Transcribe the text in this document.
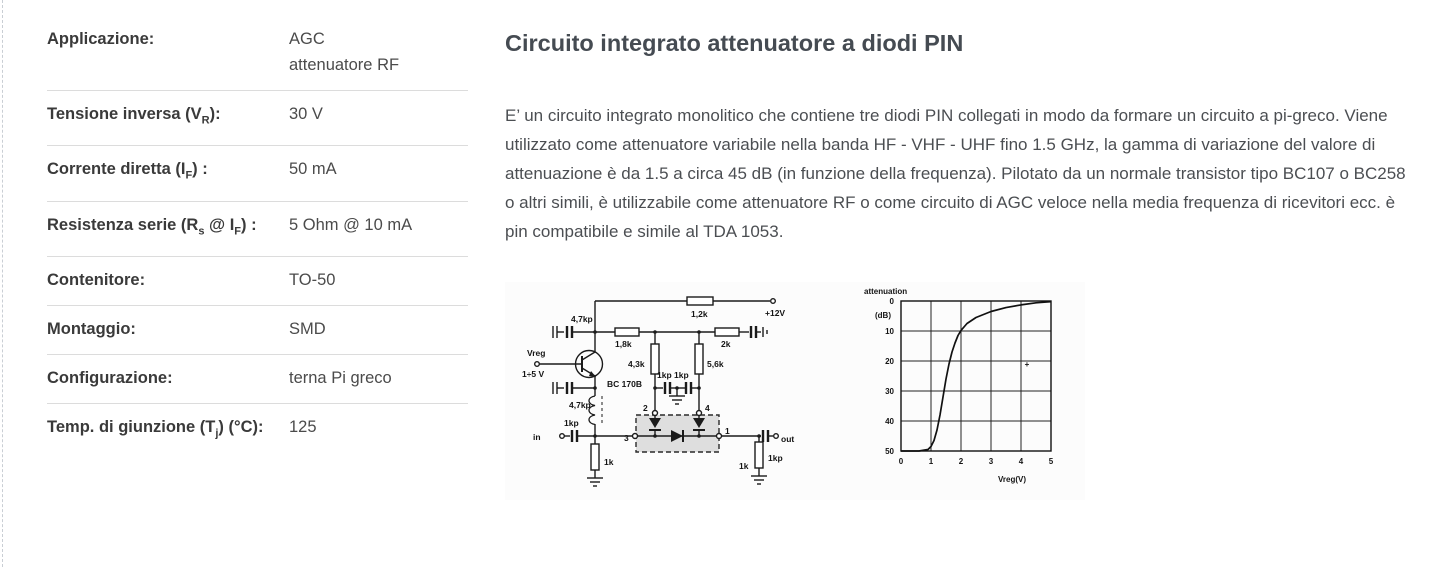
Applicazione:	AGC
attenuatore RF
Tensione inversa $(V_R)$:	30 V
Corrente diretta $(I_F)$ :	50 mA
Resistenza serie ($R_s$ @ $I_F$) :	5 Ohm @ 10 mA
Contenitore:	TO-50
Montaggio:	SMD
Configurazione:	terna Pi greco
Temp. di giunzione $(T_j)$ (°C):	125
Circuito integrato attenuatore a diodi PIN

E’ un circuito integrato monolitico che contiene tre diodi PIN collegati in modo da formare un circuito a pi-greco. Viene utilizzato come attenuatore variabile nella banda HF - VHF - UHF fino 1.5 GHz, la gamma di variazione del valore di attenuazione è da 1.5 a circa 45 dB (in funzione della frequenza). Pilotato da un normale transistor tipo BC107 o BC258 o altri simili, è utilizzabile come attenuatore RF o come circuito di AGC veloce nella media frequenza di ricevitori ecc. è pin compatibile e simile al TDA 1053.

4,7kp	1,2k	+12V
1,8k	2k
Vreg
1÷5 V
4,3k	5,6k
BC 170B
1kp 1kp
4,7kp
1kp
in
2	4
3
1
out
1k	1k
1kp
0
10
20
30
40
50
0	1	2	3	4	5
attenuation
(dB)
Vreg(V)
+
